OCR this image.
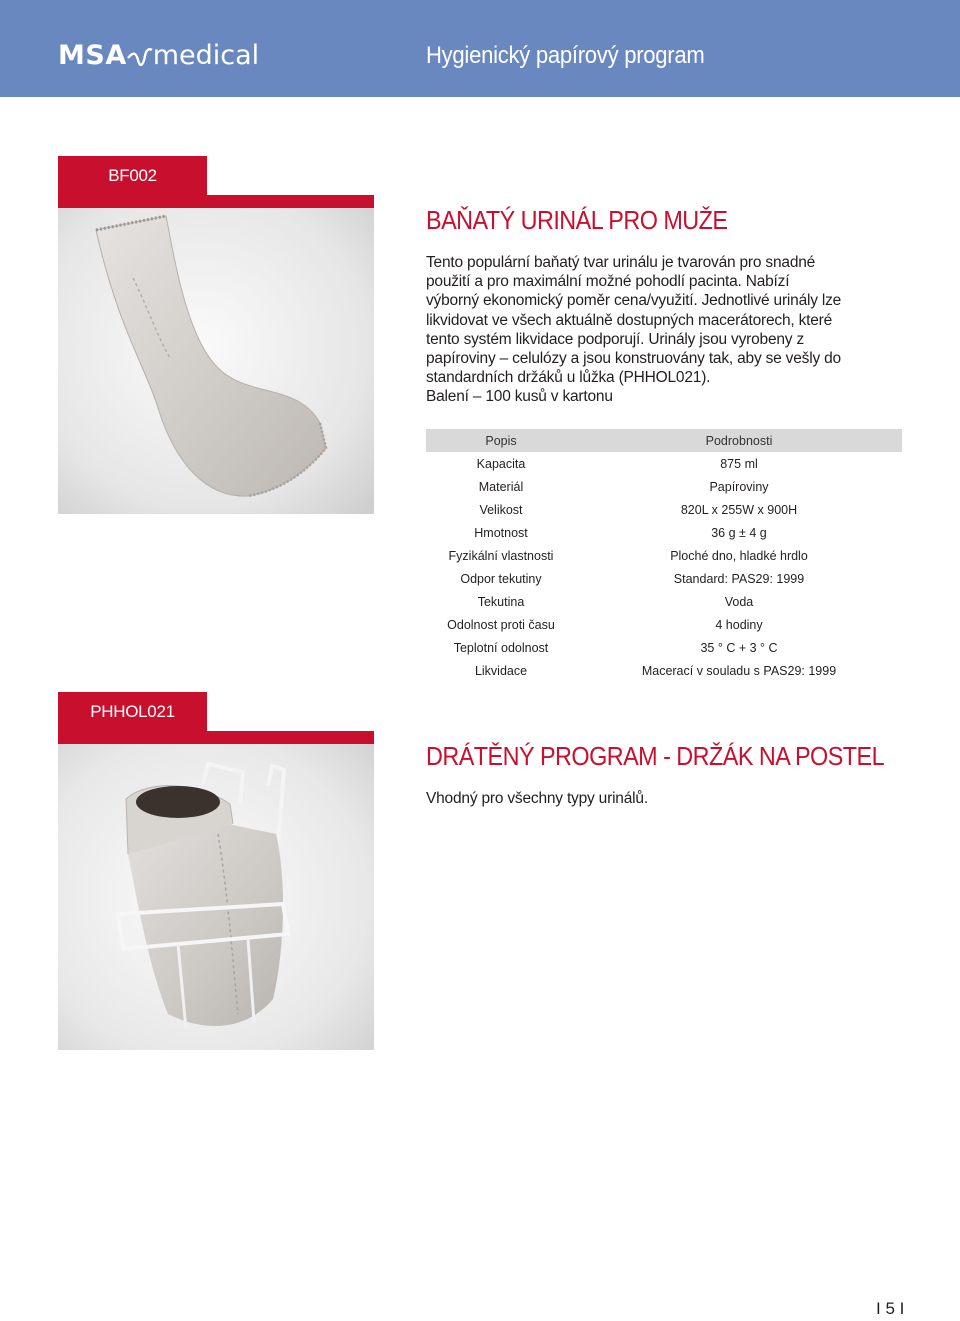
MSA medical	Hygienický papírový program
BF002
BAŇATÝ URINÁL PRO MUŽE

Tento populární baňatý tvar urinálu je tvarován pro snadné použití a pro maximální možné pohodlí pacinta. Nabízí výborný ekonomický poměr cena/využití. Jednotlivé urinály lze likvidovat ve všech aktuálně dostupných macerátorech, které tento systém likvidace podporují. Urinály jsou vyrobeny z papíroviny – celulózy a jsou konstruovány tak, aby se vešly do standardních držáků u lůžka (PHHOL021).

Balení – 100 kusů v kartonu

Popis	Podrobnosti
Kapacita	875 ml
Materiál	Papíroviny
Velikost	820L x 255W x 900H
Hmotnost	36 g ± 4 g
Fyzikální vlastnosti	Ploché dno, hladké hrdlo
Odpor tekutiny	Standard: PAS29: 1999
Tekutina	Voda
Odolnost proti času	4 hodiny
Teplotní odolnost	35 ° C + 3 ° C
Likvidace	Macerací v souladu s PAS29: 1999
PHHOL021
DRÁTĚNÝ PROGRAM - DRŽÁK NA POSTEL

Vhodný pro všechny typy urinálů.

I 5 I
